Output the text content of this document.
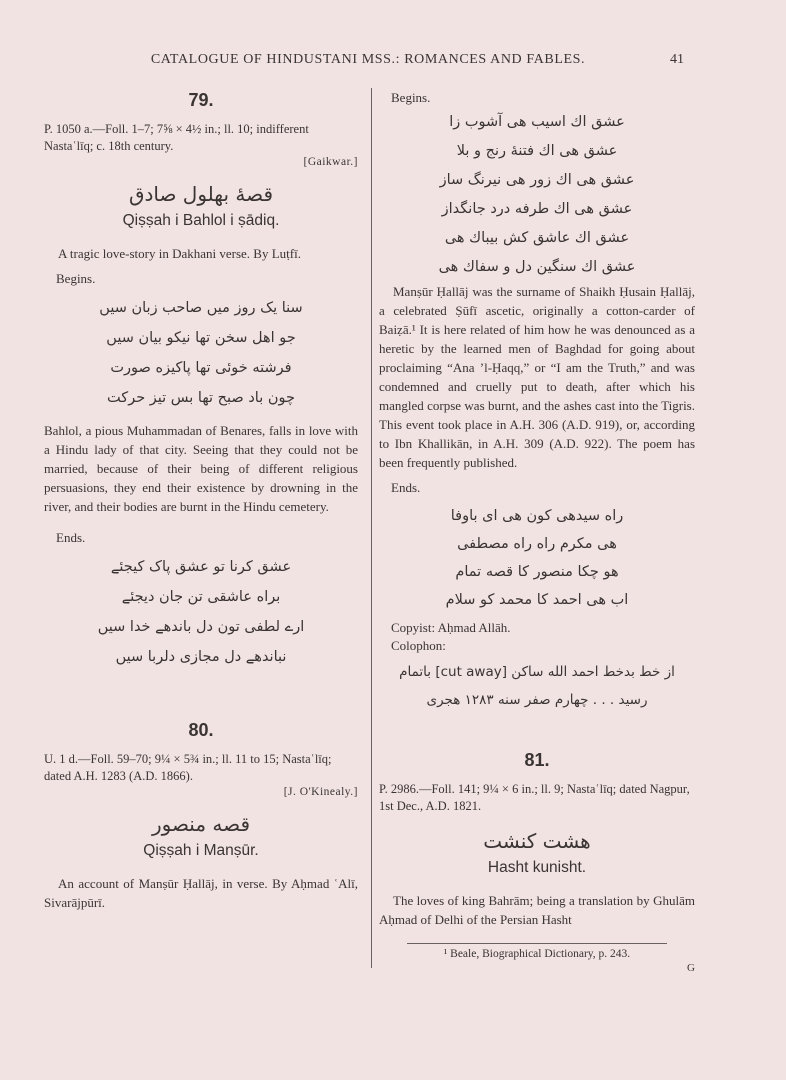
CATALOGUE OF HINDUSTANI MSS.: ROMANCES AND FABLES.	41
79.
P. 1050 a.—Foll. 1–7; 7⅝ × 4½ in.; ll. 10; indifferent Nastaʿlīq; c. 18th century.
[Gaikwar.]
قصهٔ بهلول صادق
Qiṣṣah i Bahlol i ṣādiq.

A tragic love-story in Dakhani verse. By Luṭfī.

Begins.
سنا یک روز میں صاحب زبان سیں
جو اهل سخن تها نیکو بیان سیں
فرشته خوئی تها پاکیزه صورت
چون باد صبح تها بس تیز حرکت

Bahlol, a pious Muhammadan of Benares, falls in love with a Hindu lady of that city. Seeing that they could not be married, because of their being of different religious persuasions, they end their existence by drowning in the river, and their bodies are burnt in the Hindu cemetery.

Ends.
عشق کرنا تو عشق پاک کیجئے
براه عاشقی تن جان دیجئے
ارے لطفی تون دل باندهے خدا سیں
نباندهے دل مجازی دلربا سیں
80.
U. 1 d.—Foll. 59–70; 9¼ × 5¾ in.; ll. 11 to 15; Nastaʿlīq; dated A.H. 1283 (A.D. 1866).
[J. O'Kinealy.]
قصه منصور
Qiṣṣah i Manṣūr.

An account of Manṣūr Ḥallāj, in verse. By Aḥmad ʿAlī, Sivarājpūrī.

Begins.
عشق اك اسیب هی آشوب زا
عشق هی اك فتنهٔ رنج و بلا
عشق هی اك زور هی نیرنگ ساز
عشق هی اك طرفه درد جانگداز
عشق اك عاشق کش بیباك هی
عشق اك سنگین دل و سفاك هی

Manṣūr Ḥallāj was the surname of Shaikh Ḥusain Ḥallāj, a celebrated Ṣūfī ascetic, originally a cotton-carder of Baiẓā.¹ It is here related of him how he was denounced as a heretic by the learned men of Baghdad for going about proclaiming “Ana ’l-Ḥaqq,” or “I am the Truth,” and was condemned and cruelly put to death, after which his mangled corpse was burnt, and the ashes cast into the Tigris. This event took place in A.H. 306 (A.D. 919), or, according to Ibn Khallikān, in A.H. 309 (A.D. 922). The poem has been frequently published.

Ends.
راه سیدهی کون هی ای باوفا
هی مکرم راه راه مصطفی
هو چکا منصور کا قصه تمام
اب هی احمد کا محمد کو سلام
Copyist: Aḥmad Allāh.
Colophon:
از خط بدخط احمد الله ساکن [cut away] باتمام
رسید . . . چهارم صفر سنه ۱۲۸۳ هجری
81.
P. 2986.—Foll. 141; 9¼ × 6 in.; ll. 9; Nastaʿlīq; dated Nagpur, 1st Dec., A.D. 1821.
هشت کنشت
Hasht kunisht.

The loves of king Bahrām; being a translation by Ghulām Aḥmad of Delhi of the Persian Hasht

¹ Beale, Biographical Dictionary, p. 243.
G
